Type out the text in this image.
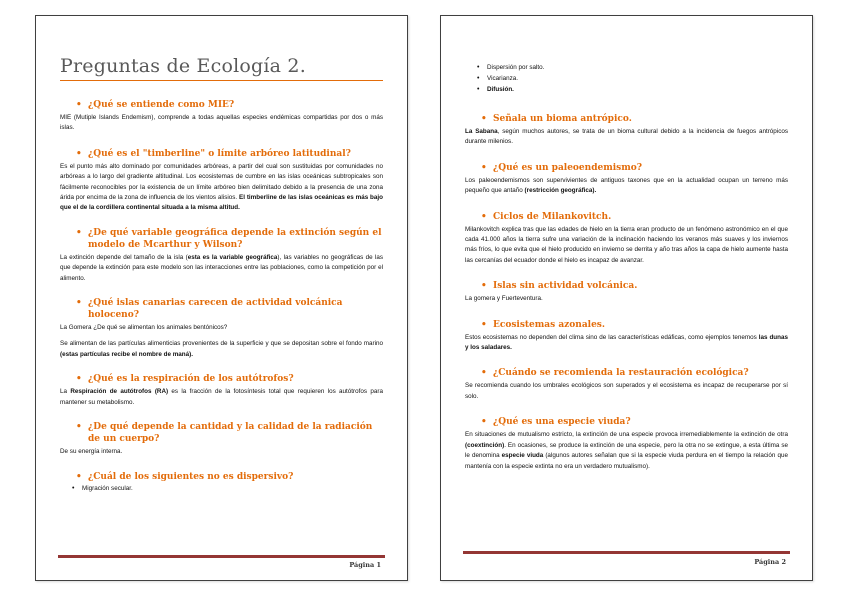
Preguntas de Ecología 2.
• ¿Qué se entiende como MIE?
MIE (Mutiple Islands Endemism), comprende a todas aquellas especies endémicas compartidas por dos o más islas.
• ¿Qué es el "timberline" o límite arbóreo latitudinal?
Es el punto más alto dominado por comunidades arbóreas, a partir del cual son sustituidas por comunidades no arbóreas a lo largo del gradiente altitudinal. Los ecosistemas de cumbre en las islas oceánicas subtropicales son fácilmente reconocibles por la existencia de un límite arbóreo bien delimitado debido a la presencia de una zona árida por encima de la zona de influencia de los vientos alisios. El timberline de las islas oceánicas es más bajo que el de la cordillera continental situada a la misma altitud.
• ¿De qué variable geográfica depende la extinción según el modelo de Mcarthur y Wilson?
La extinción depende del tamaño de la isla (esta es la variable geográfica), las variables no geográficas de las que depende la extinción para este modelo son las interacciones entre las poblaciones, como la competición por el alimento.
• ¿Qué islas canarias carecen de actividad volcánica holoceno?
La Gomera ¿De qué se alimentan los animales bentónicos?
Se alimentan de las partículas alimenticias provenientes de la superficie y que se depositan sobre el fondo marino (estas partículas recibe el nombre de maná).
• ¿Qué es la respiración de los autótrofos?
La Respiración de autótrofos (RA) es la fracción de la fotosíntesis total que requieren los autótrofos para mantener su metabolismo.
• ¿De qué depende la cantidad y la calidad de la radiación de un cuerpo?
De su energía interna.
• ¿Cuál de los siguientes no es dispersivo?
• Migración secular.
Página 1
• Dispersión por salto.
• Vicarianza.
• Difusión.
• Señala un bioma antrópico.
La Sabana, según muchos autores, se trata de un bioma cultural debido a la incidencia de fuegos antrópicos durante milenios.
• ¿Qué es un paleoendemismo?
Los paleoendemismos son supervivientes de antiguos taxones que en la actualidad ocupan un terreno más pequeño que antaño (restricción geográfica).
• Ciclos de Milankovitch.
Milankovitch explica tras que las edades de hielo en la tierra eran producto de un fenómeno astronómico en el que cada 41.000 años la tierra sufre una variación de la inclinación haciendo los veranos más suaves y los inviernos más fríos, lo que evita que el hielo producido en invierno se derrita y año tras años la capa de hielo aumente hasta las cercanías del ecuador donde el hielo es incapaz de avanzar.
• Islas sin actividad volcánica.
La gomera y Fuerteventura.
• Ecosistemas azonales.
Estos ecosistemas no dependen del clima sino de las características edáficas, como ejemplos tenemos las dunas y los saladares.
• ¿Cuándo se recomienda la restauración ecológica?
Se recomienda cuando los umbrales ecológicos son superados y el ecosistema es incapaz de recuperarse por sí solo.
• ¿Qué es una especie viuda?
En situaciones de mutualismo estricto, la extinción de una especie provoca irremediablemente la extinción de otra (coextinción). En ocasiones, se produce la extinción de una especie, pero la otra no se extingue, a esta última se le denomina especie viuda (algunos autores señalan que si la especie viuda perdura en el tiempo la relación que mantenía con la especie extinta no era un verdadero mutualismo).
Página 2
